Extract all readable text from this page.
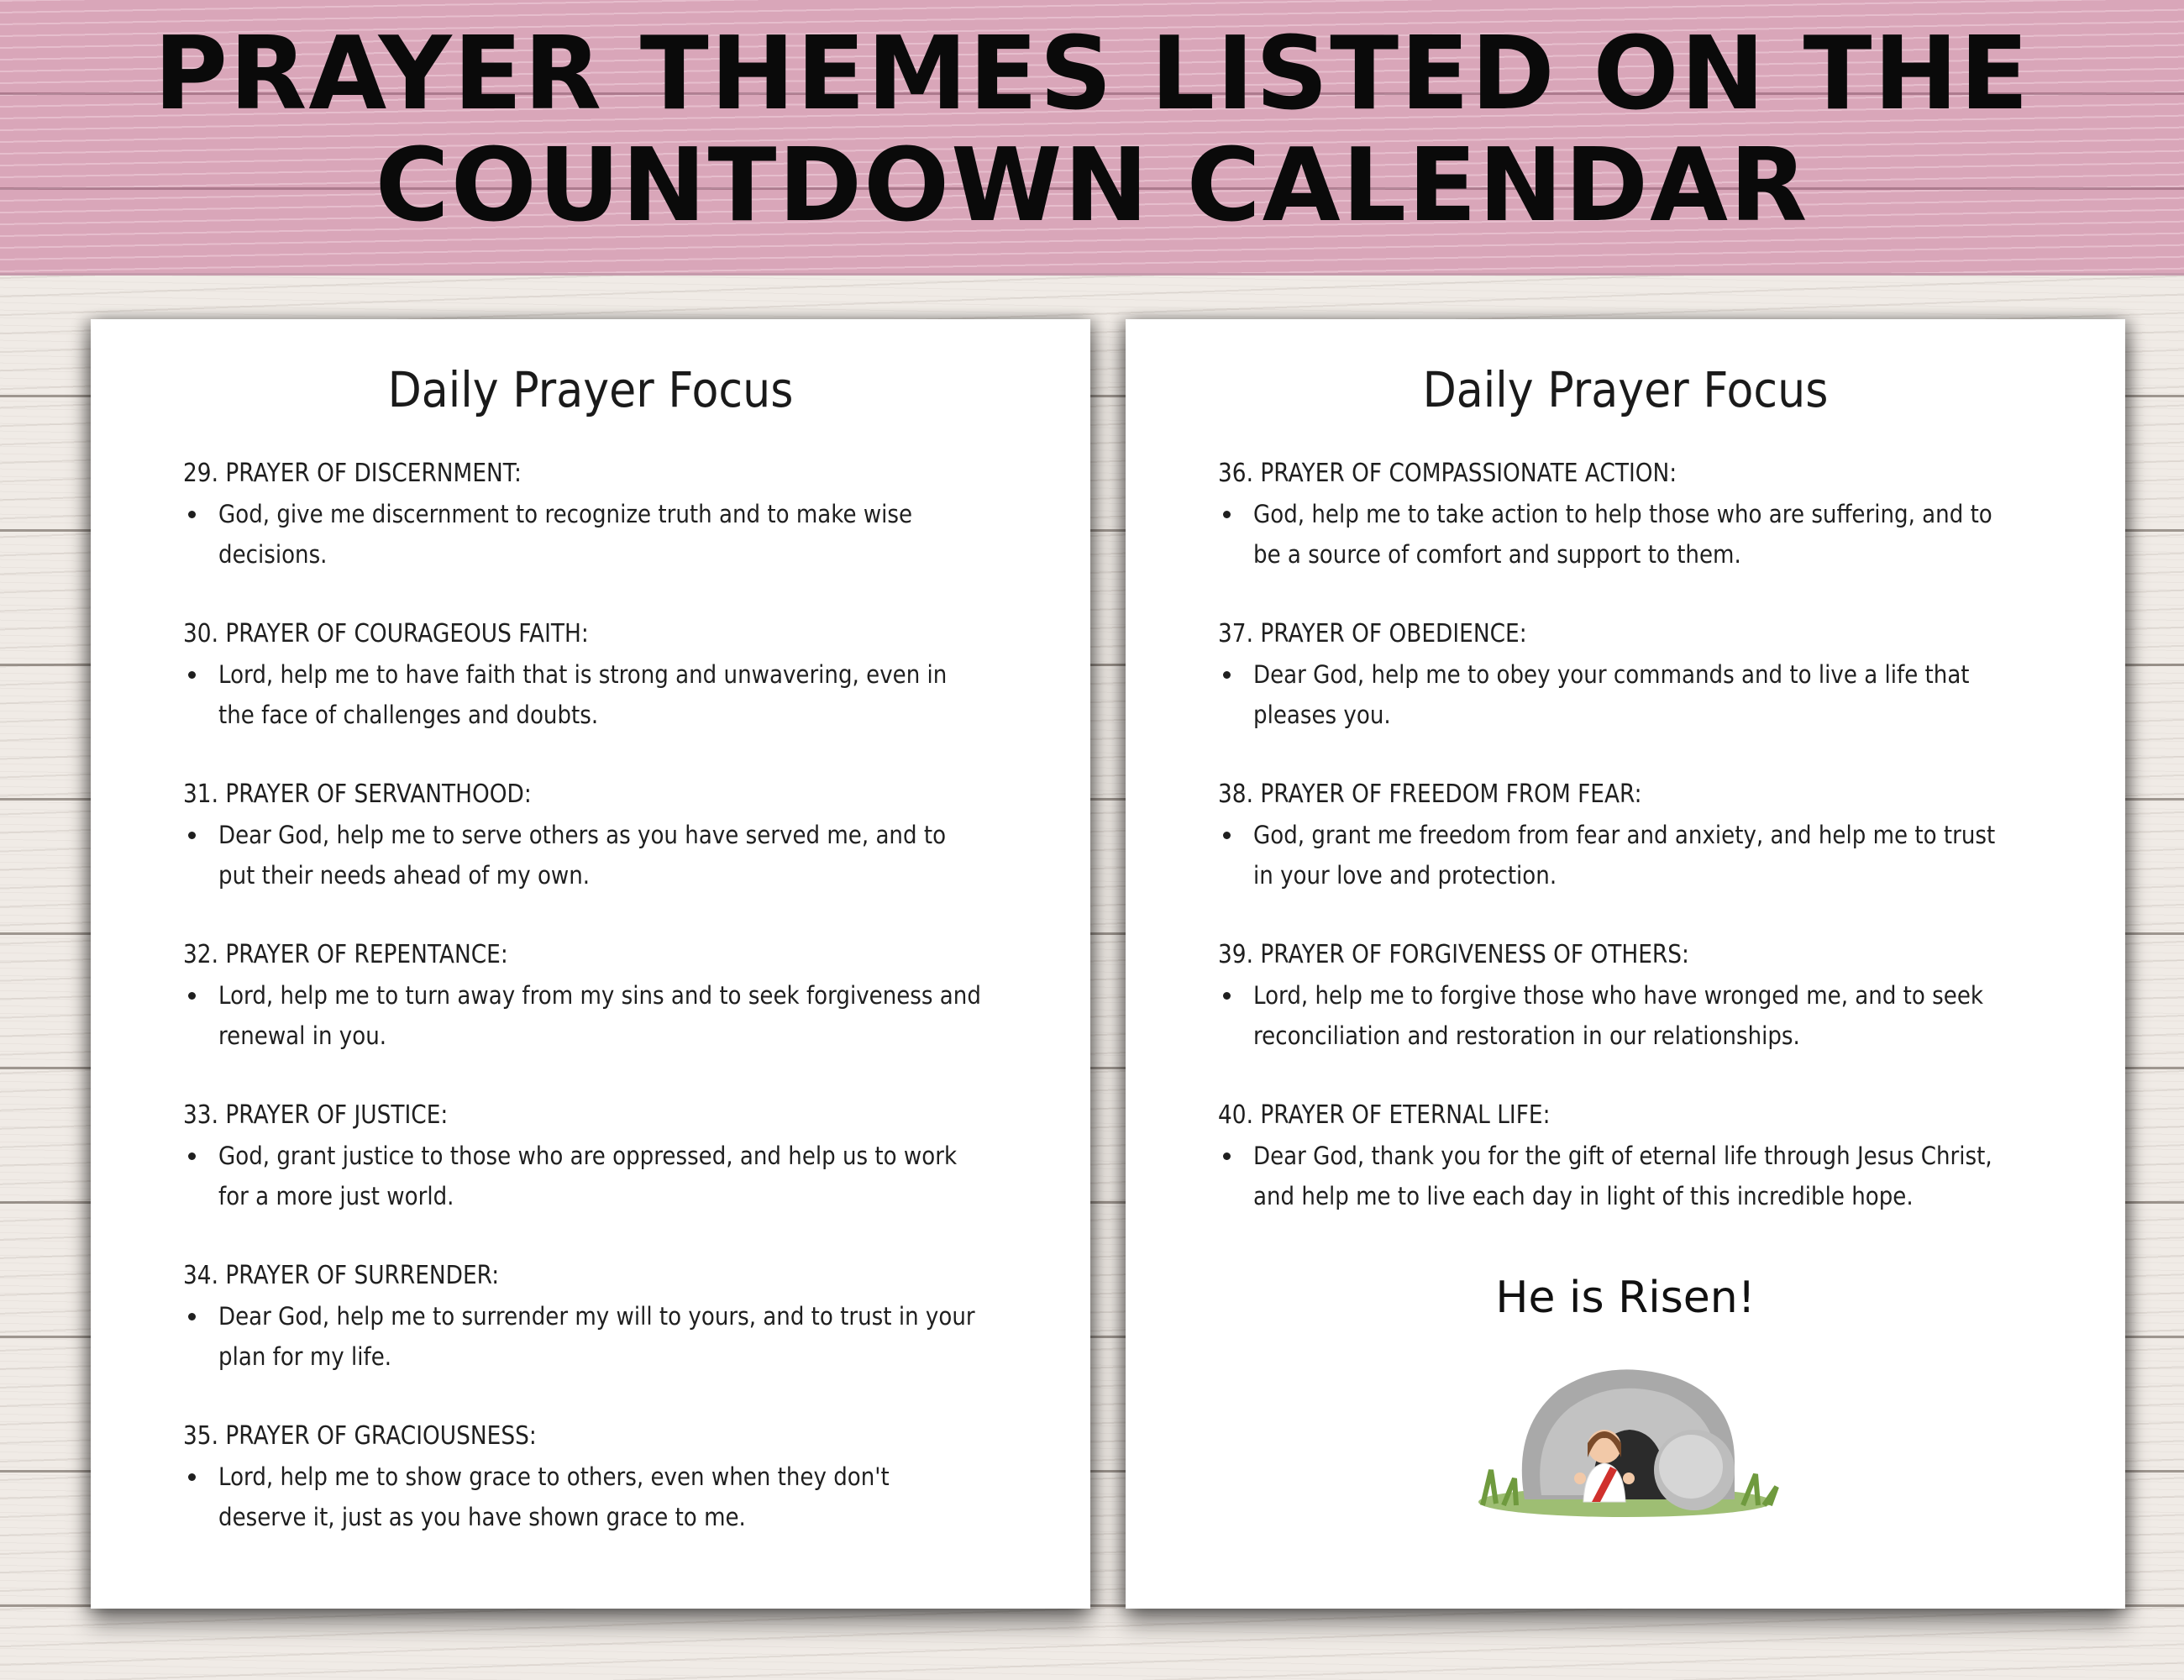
PRAYER THEMES LISTED ON THE
COUNTDOWN CALENDAR
Daily Prayer Focus

29. PRAYER OF DISCERNMENT:

God, give me discernment to recognize truth and to make wise decisions.

30. PRAYER OF COURAGEOUS FAITH:

Lord, help me to have faith that is strong and unwavering, even in the face of challenges and doubts.

31. PRAYER OF SERVANTHOOD:

Dear God, help me to serve others as you have served me, and to put their needs ahead of my own.

32. PRAYER OF REPENTANCE:

Lord, help me to turn away from my sins and to seek forgiveness and renewal in you.

33. PRAYER OF JUSTICE:

God, grant justice to those who are oppressed, and help us to work for a more just world.

34. PRAYER OF SURRENDER:

Dear God, help me to surrender my will to yours, and to trust in your plan for my life.

35. PRAYER OF GRACIOUSNESS:

Lord, help me to show grace to others, even when they don't deserve it, just as you have shown grace to me.

Daily Prayer Focus

36. PRAYER OF COMPASSIONATE ACTION:

God, help me to take action to help those who are suffering, and to be a source of comfort and support to them.

37. PRAYER OF OBEDIENCE:

Dear God, help me to obey your commands and to live a life that pleases you.

38. PRAYER OF FREEDOM FROM FEAR:

God, grant me freedom from fear and anxiety, and help me to trust in your love and protection.

39. PRAYER OF FORGIVENESS OF OTHERS:

Lord, help me to forgive those who have wronged me, and to seek reconciliation and restoration in our relationships.

40. PRAYER OF ETERNAL LIFE:

Dear God, thank you for the gift of eternal life through Jesus Christ, and help me to live each day in light of this incredible hope.

He is Risen!
